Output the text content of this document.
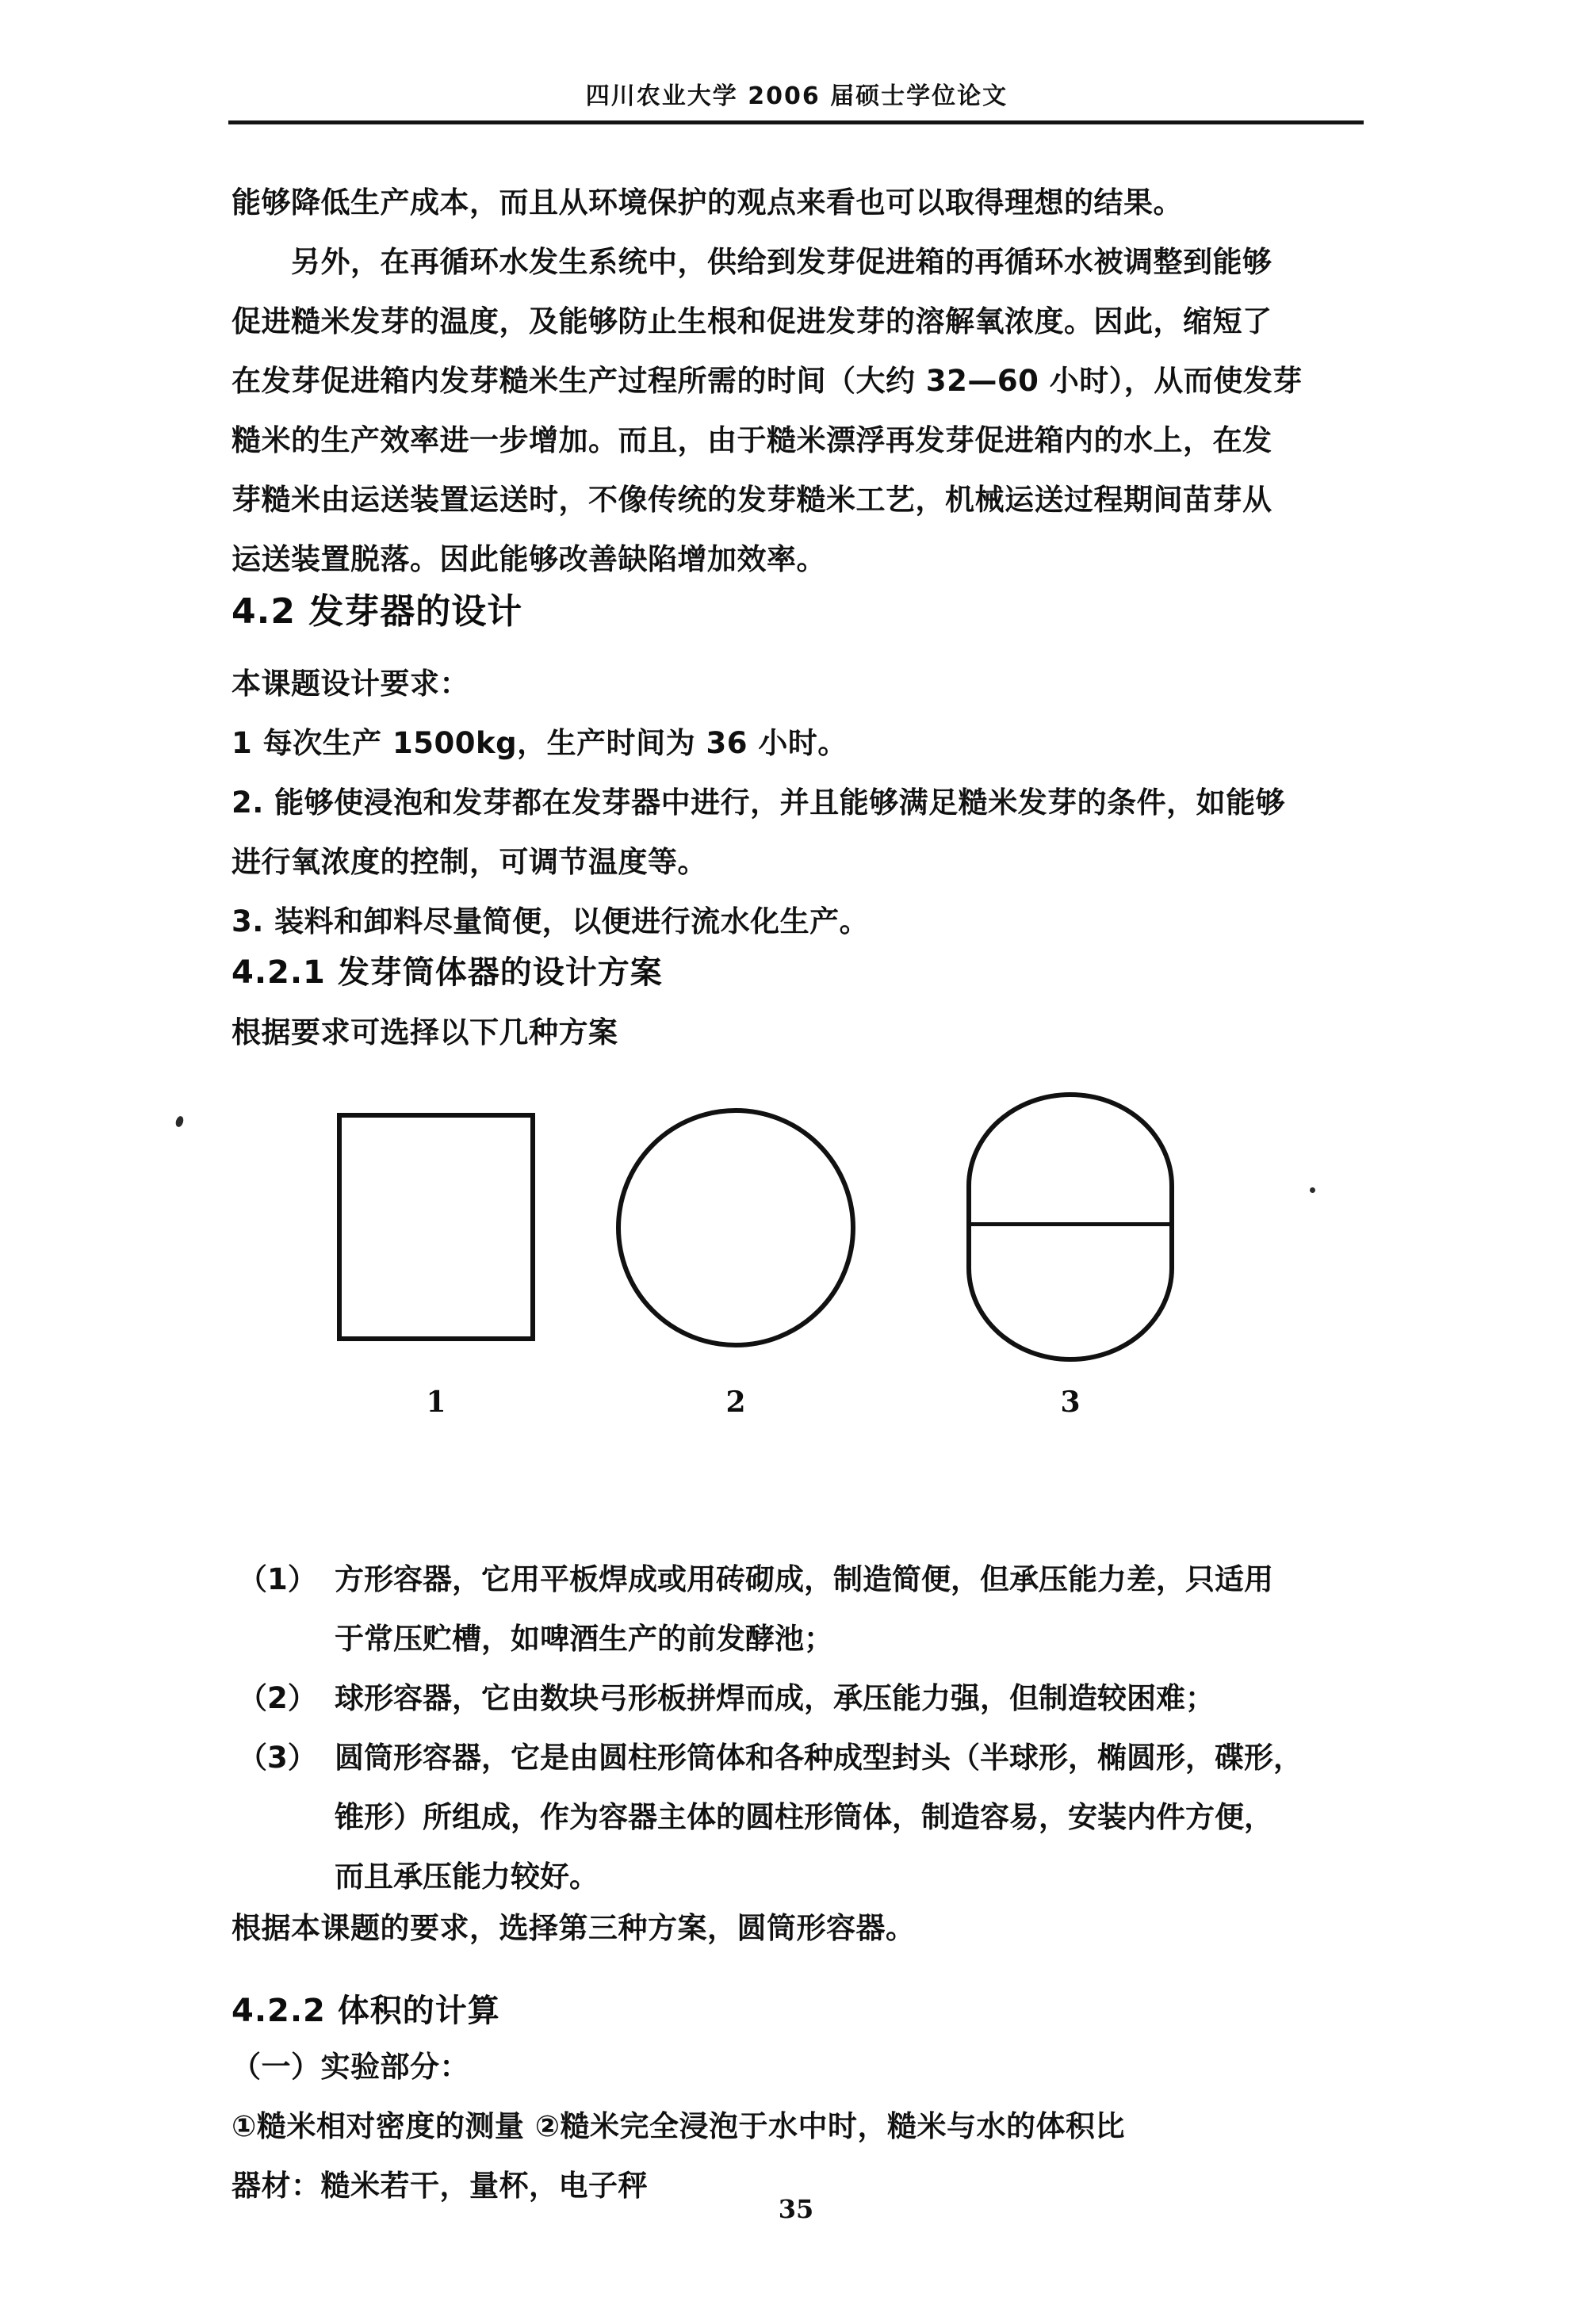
四川农业大学 2006 届硕士学位论文
能够降低生产成本，而且从环境保护的观点来看也可以取得理想的结果。
另外，在再循环水发生系统中，供给到发芽促进箱的再循环水被调整到能够
促进糙米发芽的温度，及能够防止生根和促进发芽的溶解氧浓度。因此，缩短了
在发芽促进箱内发芽糙米生产过程所需的时间（大约 32—60 小时），从而使发芽
糙米的生产效率进一步增加。而且，由于糙米漂浮再发芽促进箱内的水上，在发
芽糙米由运送装置运送时，不像传统的发芽糙米工艺，机械运送过程期间苗芽从
运送装置脱落。因此能够改善缺陷增加效率。
4.2 发芽器的设计
本课题设计要求：
1 每次生产 1500kg，生产时间为 36 小时。
2. 能够使浸泡和发芽都在发芽器中进行，并且能够满足糙米发芽的条件，如能够
进行氧浓度的控制，可调节温度等。
3. 装料和卸料尽量简便，以便进行流水化生产。
4.2.1 发芽筒体器的设计方案
根据要求可选择以下几种方案
1	2	3
（1） 方形容器，它用平板焊成或用砖砌成，制造简便，但承压能力差，只适用
于常压贮槽，如啤酒生产的前发酵池；
（2） 球形容器，它由数块弓形板拼焊而成，承压能力强，但制造较困难；
（3） 圆筒形容器，它是由圆柱形筒体和各种成型封头（半球形，椭圆形，碟形，
锥形）所组成，作为容器主体的圆柱形筒体，制造容易，安装内件方便，
而且承压能力较好。
根据本课题的要求，选择第三种方案，圆筒形容器。
4.2.2 体积的计算
（一）实验部分：
①糙米相对密度的测量 ②糙米完全浸泡于水中时，糙米与水的体积比
器材：糙米若干，量杯，电子秤
35
